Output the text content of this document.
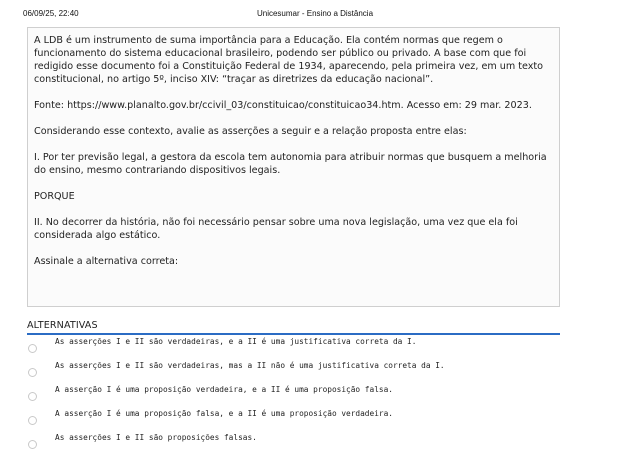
06/09/25, 22:40	Unicesumar - Ensino a Distância

A LDB é um instrumento de suma importância para a Educação. Ela contém normas que regem o funcionamento do sistema educacional brasileiro, podendo ser público ou privado. A base com que foi redigido esse documento foi a Constituição Federal de 1934, aparecendo, pela primeira vez, em um texto constitucional, no artigo 5º, inciso XIV: “traçar as diretrizes da educação nacional”.

Fonte: https://www.planalto.gov.br/ccivil_03/constituicao/constituicao34.htm. Acesso em: 29 mar. 2023.

Considerando esse contexto, avalie as asserções a seguir e a relação proposta entre elas:

I. Por ter previsão legal, a gestora da escola tem autonomia para atribuir normas que busquem a melhoria do ensino, mesmo contrariando dispositivos legais.

PORQUE

II. No decorrer da história, não foi necessário pensar sobre uma nova legislação, uma vez que ela foi considerada algo estático.

Assinale a alternativa correta:

ALTERNATIVAS
As asserções I e II são verdadeiras, e a II é uma justificativa correta da I.
As asserções I e II são verdadeiras, mas a II não é uma justificativa correta da I.
A asserção I é uma proposição verdadeira, e a II é uma proposição falsa.
A asserção I é uma proposição falsa, e a II é uma proposição verdadeira.
As asserções I e II são proposições falsas.
